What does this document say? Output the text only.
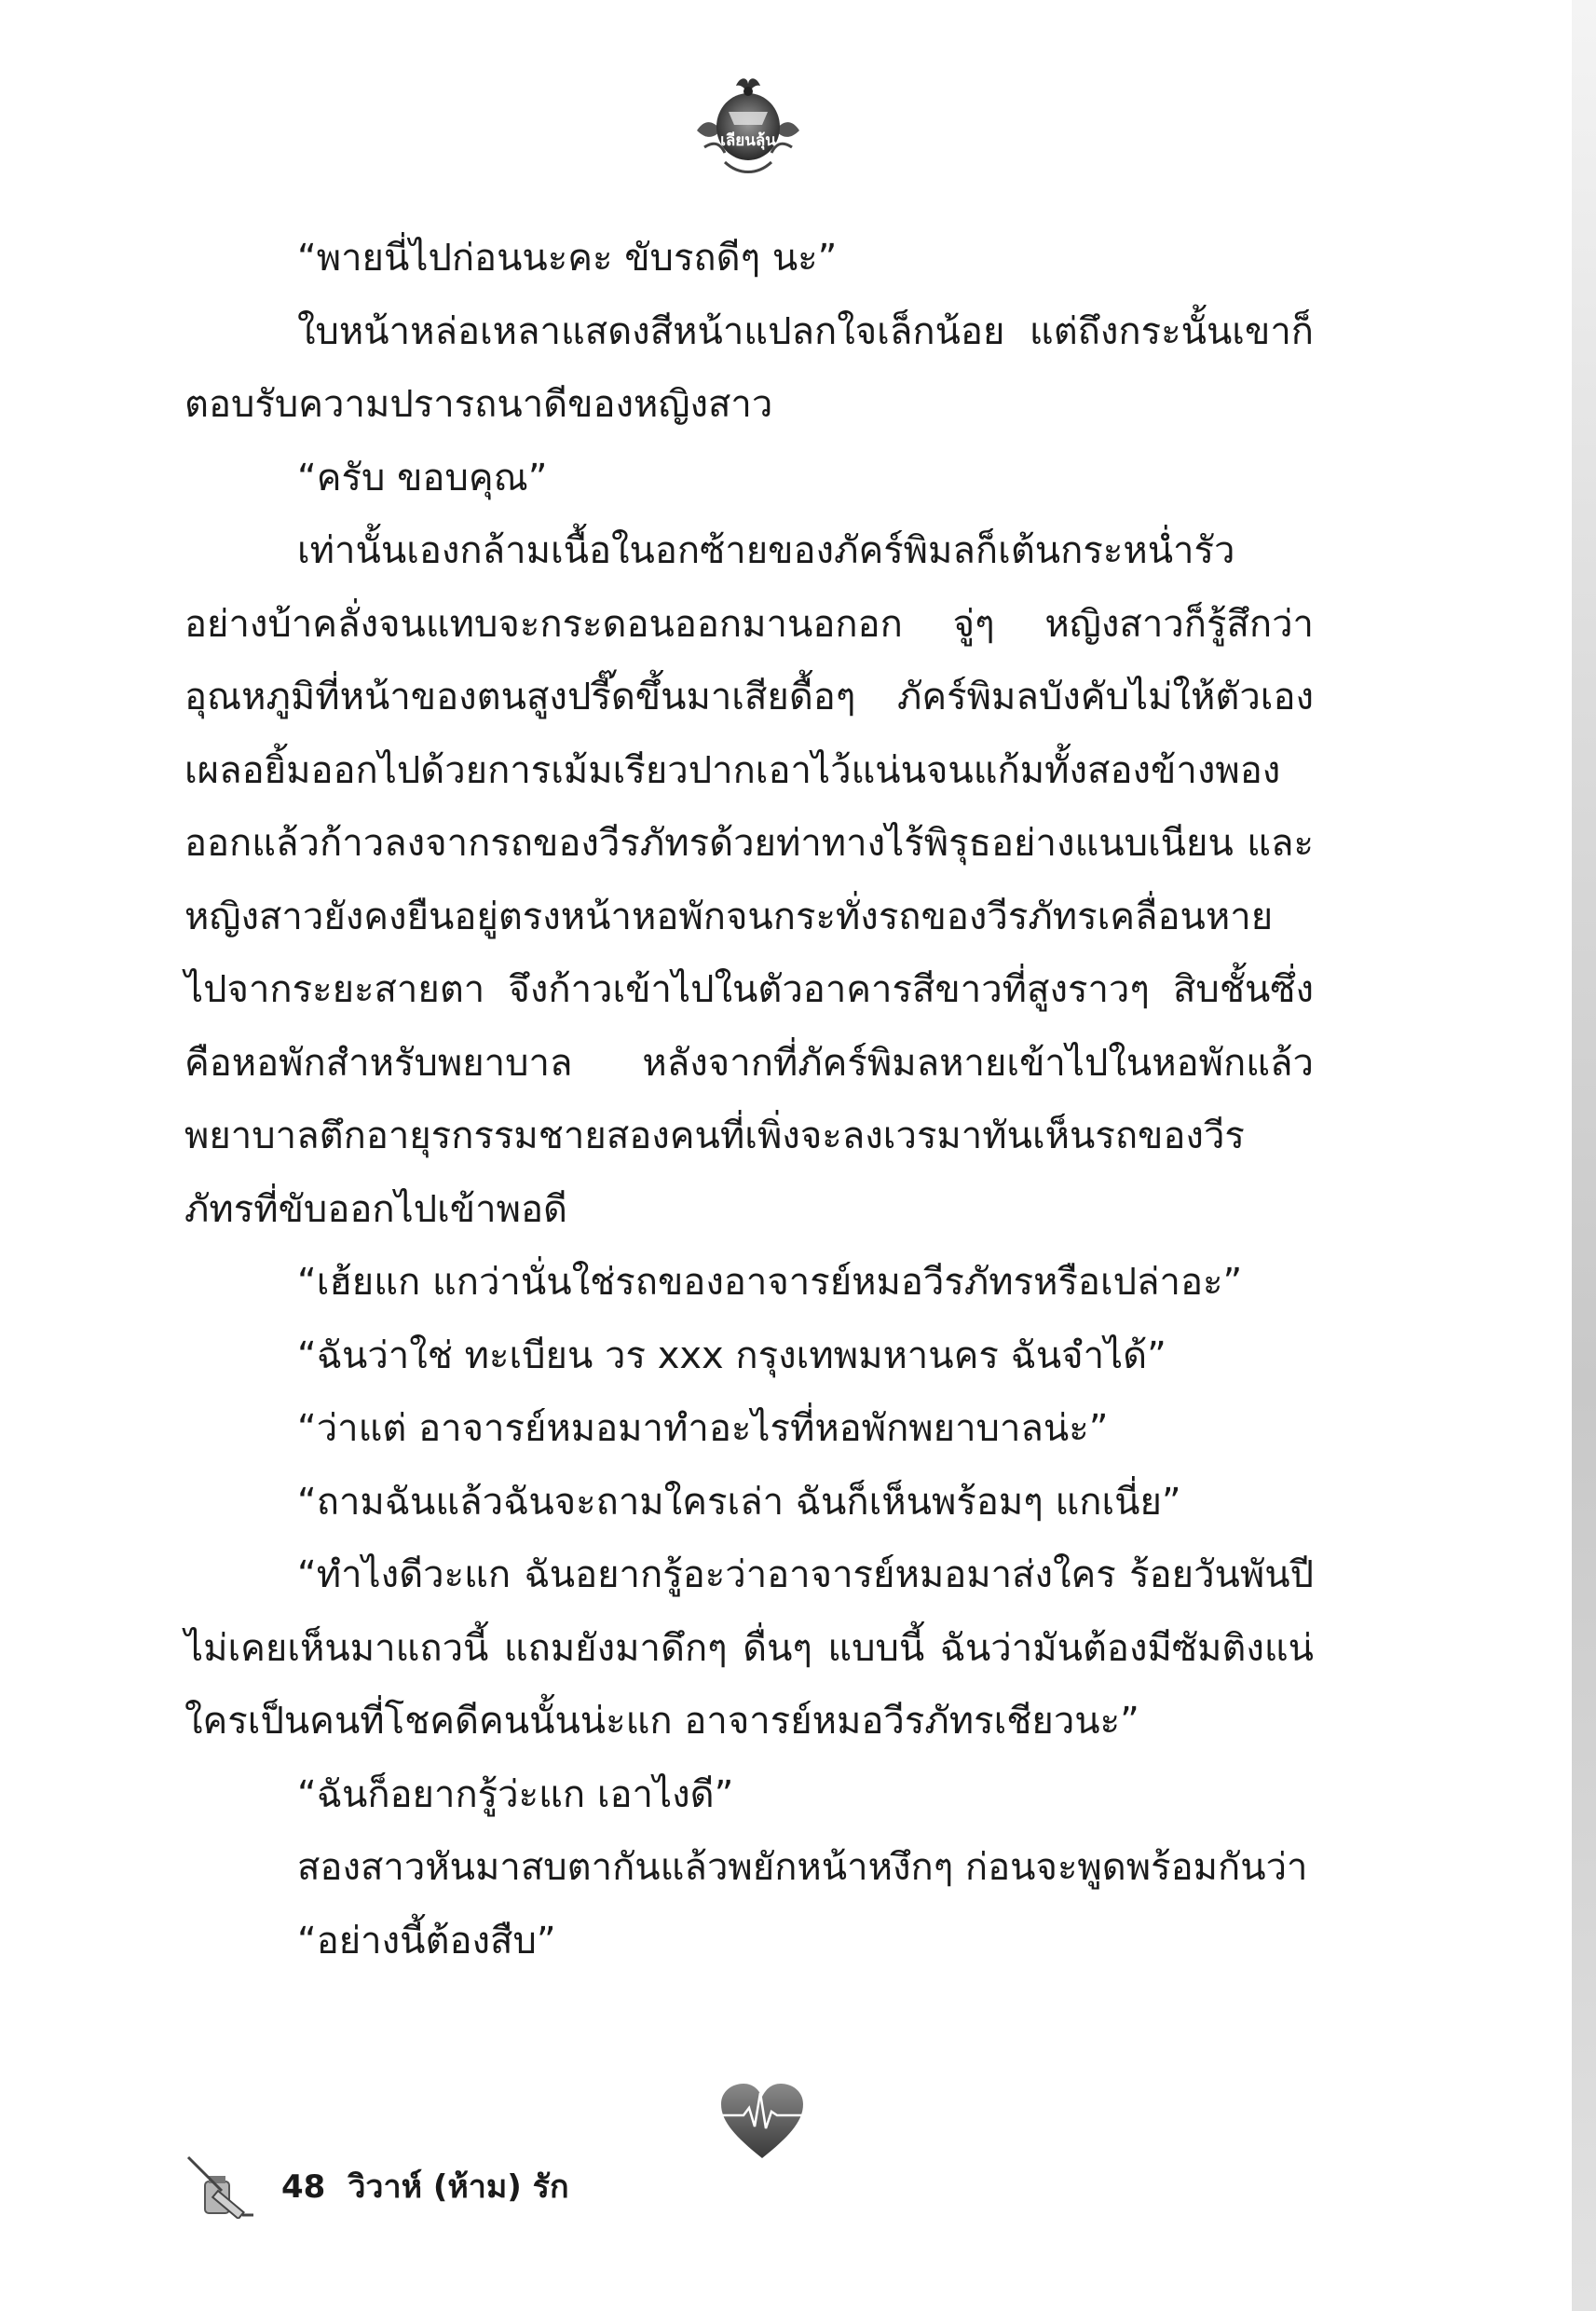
เลียนลุ้น

“พายนี่ไปก่อนนะคะ ขับรถดีๆ นะ”

ใบหน้าหล่อเหลาแสดงสีหน้าแปลกใจเล็กน้อย แต่ถึงกระนั้นเขาก็ตอบรับความปรารถนาดีของหญิงสาว

“ครับ ขอบคุณ”

เท่านั้นเองกล้ามเนื้อในอกซ้ายของภัคร์พิมลก็เต้นกระหน่ำรัวอย่างบ้าคลั่งจนแทบจะกระดอนออกมานอกอก จู่ๆ หญิงสาวก็รู้สึกว่าอุณหภูมิที่หน้าของตนสูงปรี๊ดขึ้นมาเสียดื้อๆ ภัคร์พิมลบังคับไม่ให้ตัวเองเผลอยิ้มออกไปด้วยการเม้มเรียวปากเอาไว้แน่นจนแก้มทั้งสองข้างพองออกแล้วก้าวลงจากรถของวีรภัทรด้วยท่าทางไร้พิรุธอย่างแนบเนียน และหญิงสาวยังคงยืนอยู่ตรงหน้าหอพักจนกระทั่งรถของวีรภัทรเคลื่อนหายไปจากระยะสายตา จึงก้าวเข้าไปในตัวอาคารสีขาวที่สูงราวๆ สิบชั้นซึ่งคือหอพักสำหรับพยาบาล หลังจากที่ภัคร์พิมลหายเข้าไปในหอพักแล้วพยาบาลตึกอายุรกรรมชายสองคนที่เพิ่งจะลงเวรมาทันเห็นรถของวีรภัทรที่ขับออกไปเข้าพอดี

“เฮ้ยแก แกว่านั่นใช่รถของอาจารย์หมอวีรภัทรหรือเปล่าอะ”

“ฉันว่าใช่ ทะเบียน วร xxx กรุงเทพมหานคร ฉันจำได้”

“ว่าแต่ อาจารย์หมอมาทำอะไรที่หอพักพยาบาลน่ะ”

“ถามฉันแล้วฉันจะถามใครเล่า ฉันก็เห็นพร้อมๆ แกเนี่ย”

“ทำไงดีวะแก ฉันอยากรู้อะว่าอาจารย์หมอมาส่งใคร ร้อยวันพันปีไม่เคยเห็นมาแถวนี้ แถมยังมาดึกๆ ดื่นๆ แบบนี้ ฉันว่ามันต้องมีซัมติงแน่ ใครเป็นคนที่โชคดีคนนั้นน่ะแก อาจารย์หมอวีรภัทรเชียวนะ”

“ฉันก็อยากรู้ว่ะแก เอาไงดี”

สองสาวหันมาสบตากันแล้วพยักหน้าหงึกๆ ก่อนจะพูดพร้อมกันว่า

“อย่างนี้ต้องสืบ”

48 วิวาห์ (ห้าม) รัก
